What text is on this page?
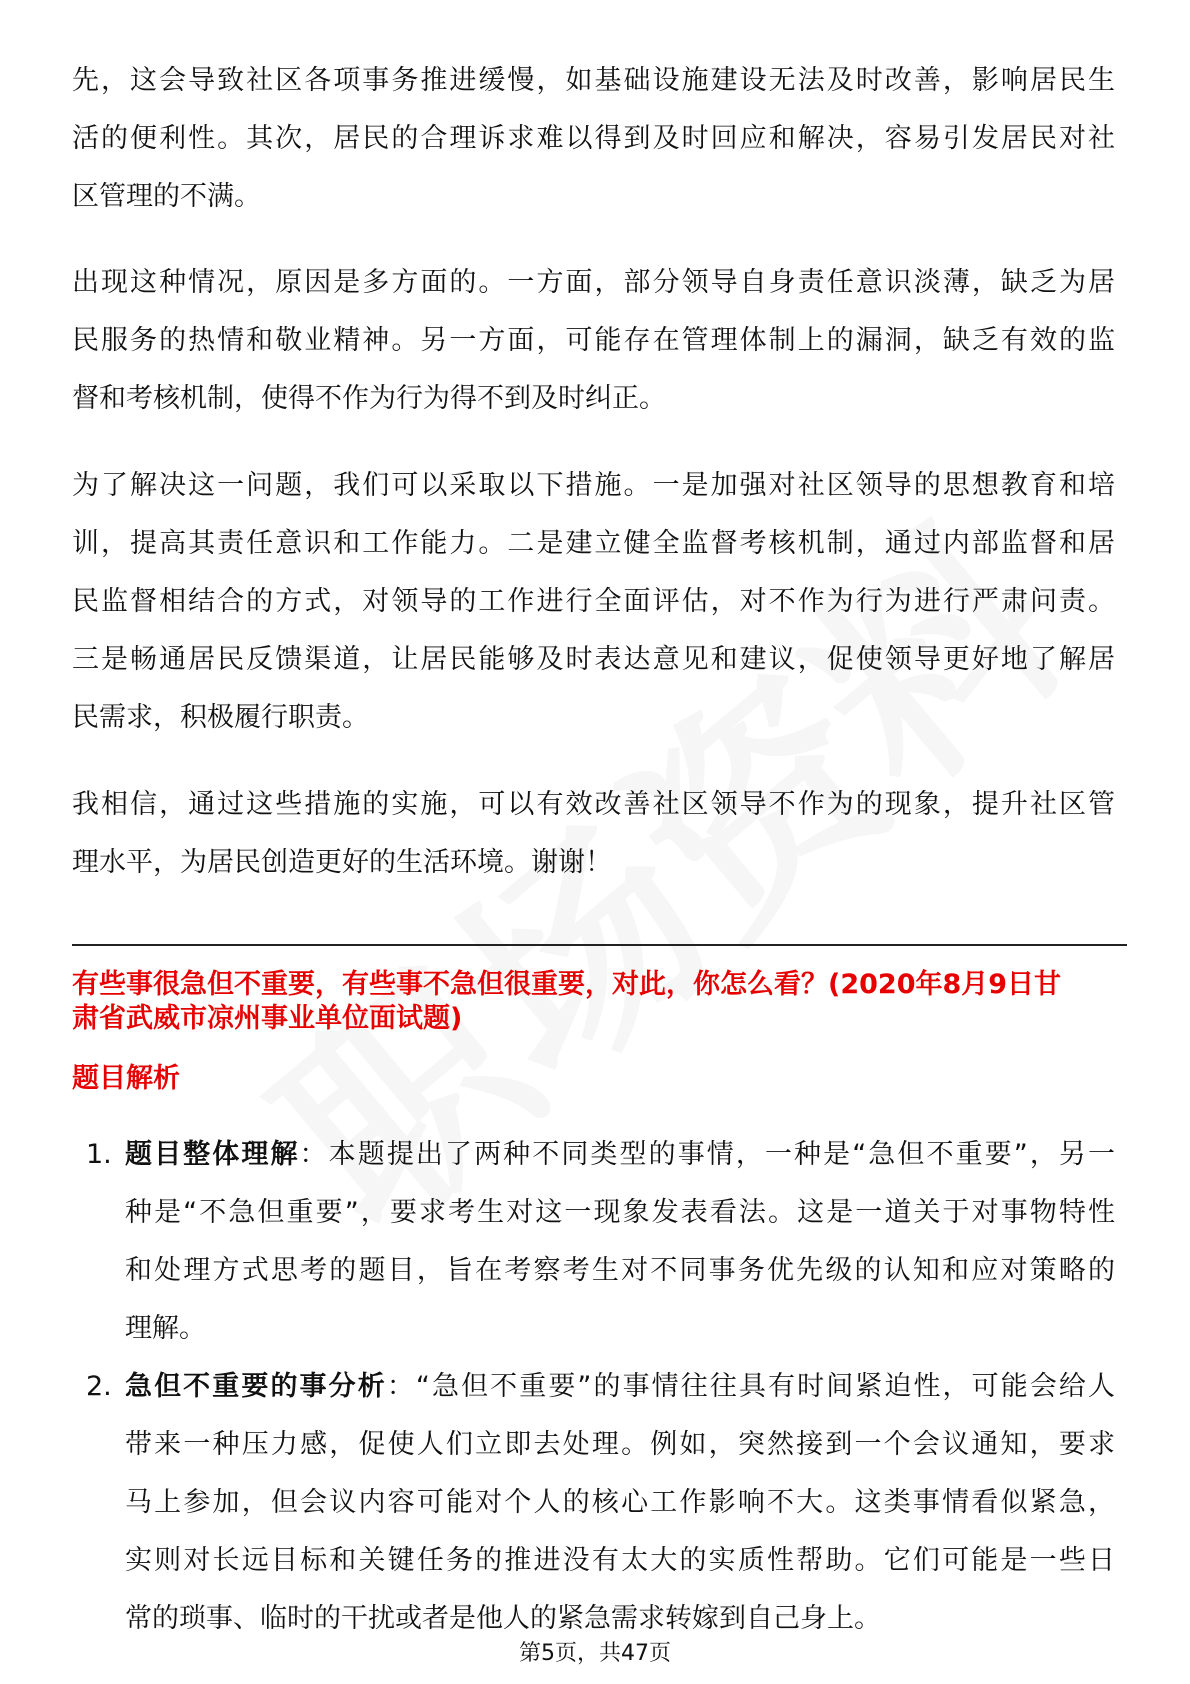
先，这会导致社区各项事务推进缓慢，如基础设施建设无法及时改善，影响居民生
活的便利性。其次，居民的合理诉求难以得到及时回应和解决，容易引发居民对社
区管理的不满。
出现这种情况，原因是多方面的。一方面，部分领导自身责任意识淡薄，缺乏为居
民服务的热情和敬业精神。另一方面，可能存在管理体制上的漏洞，缺乏有效的监
督和考核机制，使得不作为行为得不到及时纠正。
为了解决这一问题，我们可以采取以下措施。一是加强对社区领导的思想教育和培
训，提高其责任意识和工作能力。二是建立健全监督考核机制，通过内部监督和居
民监督相结合的方式，对领导的工作进行全面评估，对不作为行为进行严肃问责。
三是畅通居民反馈渠道，让居民能够及时表达意见和建议，促使领导更好地了解居
民需求，积极履行职责。
我相信，通过这些措施的实施，可以有效改善社区领导不作为的现象，提升社区管
理水平，为居民创造更好的生活环境。谢谢！
有些事很急但不重要，有些事不急但很重要，对此，你怎么看？(2020年8月9日甘
肃省武威市凉州事业单位面试题)
题目解析
1. 题目整体理解：本题提出了两种不同类型的事情，一种是“急但不重要”，另一
种是“不急但重要”，要求考生对这一现象发表看法。这是一道关于对事物特性
和处理方式思考的题目，旨在考察考生对不同事务优先级的认知和应对策略的
理解。
2. 急但不重要的事分析：“急但不重要”的事情往往具有时间紧迫性，可能会给人
带来一种压力感，促使人们立即去处理。例如，突然接到一个会议通知，要求
马上参加，但会议内容可能对个人的核心工作影响不大。这类事情看似紧急，
实则对长远目标和关键任务的推进没有太大的实质性帮助。它们可能是一些日
常的琐事、临时的干扰或者是他人的紧急需求转嫁到自己身上。
第5页，共47页
